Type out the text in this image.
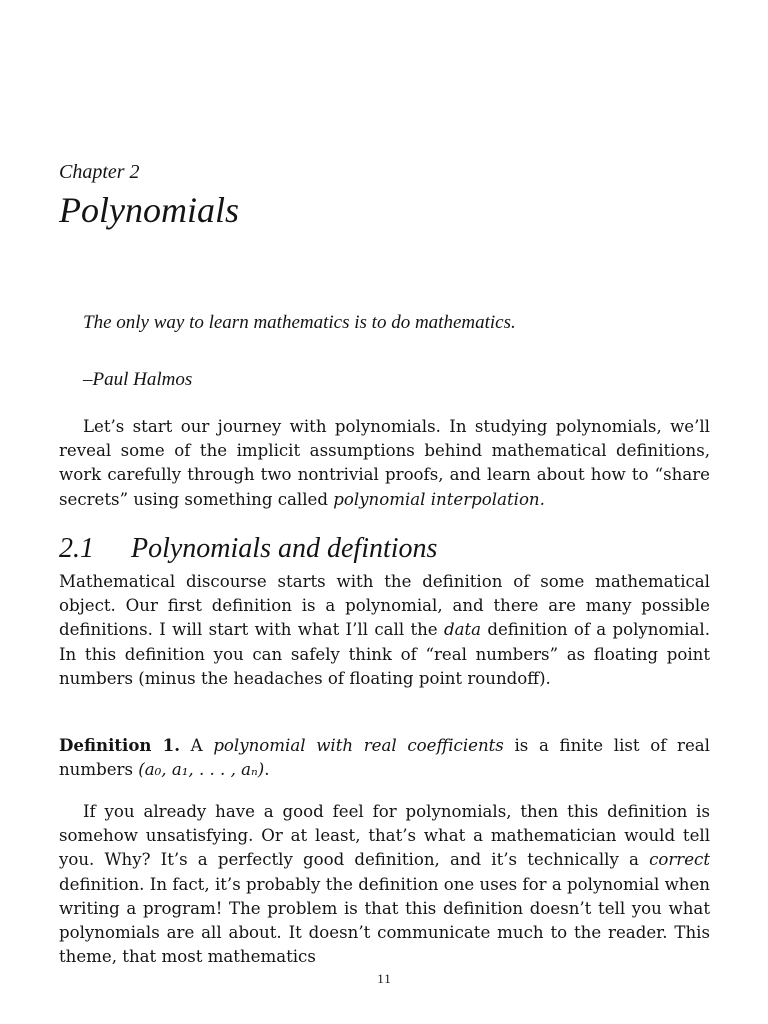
Chapter 2
Polynomials
The only way to learn mathematics is to do mathematics.
–Paul Halmos

Let’s start our journey with polynomials. In studying polynomials, we’ll reveal some of the implicit assumptions behind mathematical definitions, work carefully through two nontrivial proofs, and learn about how to “share secrets” using something called polynomial interpolation.

2.1 Polynomials and defintions

Mathematical discourse starts with the definition of some mathematical object. Our first definition is a polynomial, and there are many possible definitions. I will start with what I’ll call the data definition of a polynomial. In this definition you can safely think of “real numbers” as floating point numbers (minus the headaches of floating point roundoff).

Definition 1. A polynomial with real coefficients is a finite list of real numbers (a₀, a₁, . . . , aₙ).

If you already have a good feel for polynomials, then this definition is somehow unsatisfying. Or at least, that’s what a mathematician would tell you. Why? It’s a perfectly good definition, and it’s technically a correct definition. In fact, it’s probably the definition one uses for a polynomial when writing a program! The problem is that this definition doesn’t tell you what polynomials are all about. It doesn’t communicate much to the reader. This theme, that most mathematics

11
